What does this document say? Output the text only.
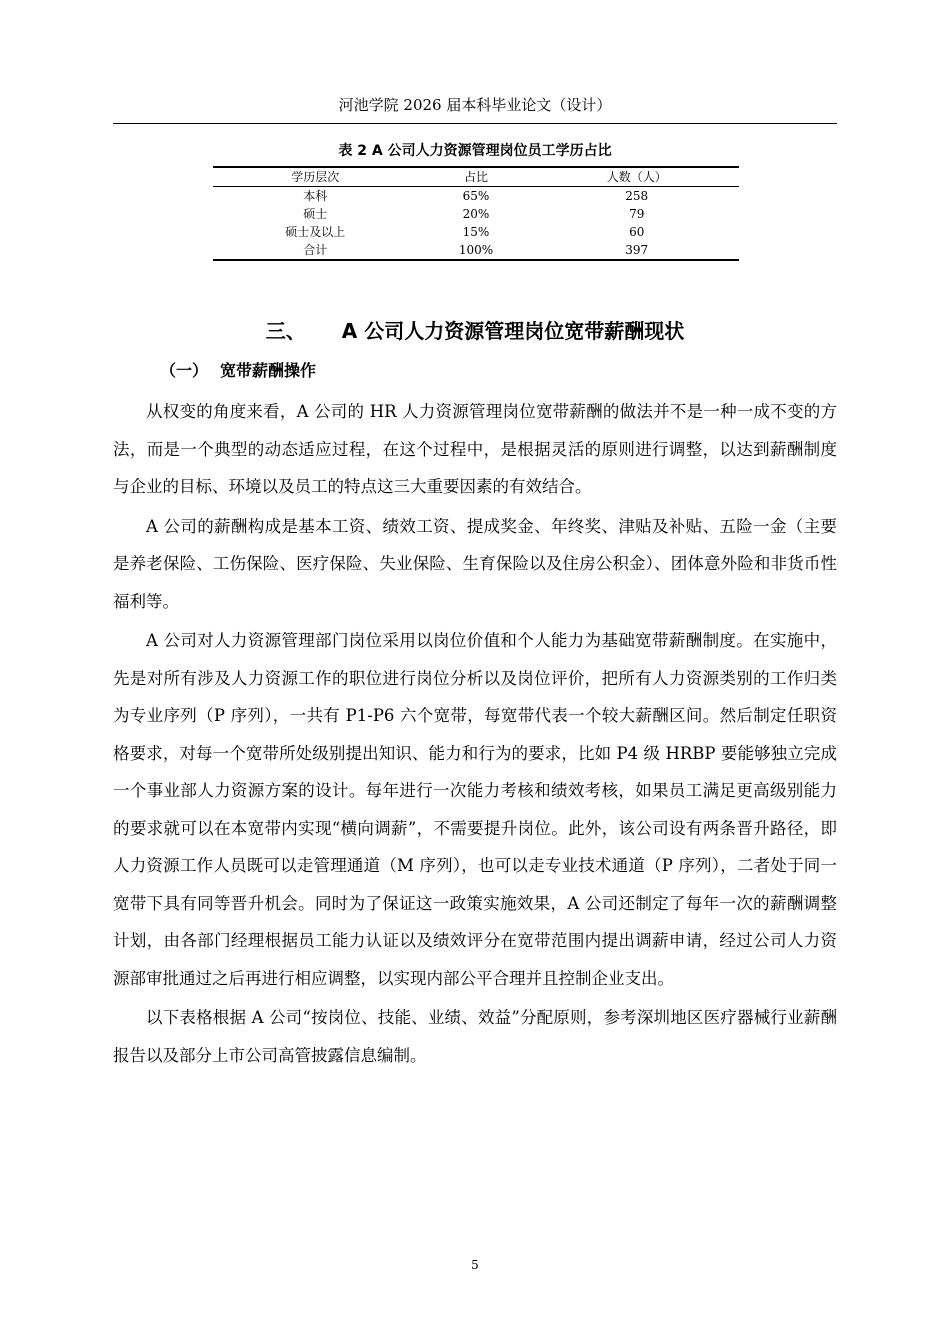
河池学院 2026 届本科毕业论文（设计）
表 2 A 公司人力资源管理岗位员工学历占比
学历层次	占比	人数（人）
本科	65%	258
硕士	20%	79
硕士及以上	15%	60
合计	100%	397
三、 A 公司人力资源管理岗位宽带薪酬现状
（一） 宽带薪酬操作

从权变的角度来看，A 公司的 HR 人力资源管理岗位宽带薪酬的做法并不是一种一成不变的方法，而是一个典型的动态适应过程，在这个过程中，是根据灵活的原则进行调整，以达到薪酬制度与企业的目标、环境以及员工的特点这三大重要因素的有效结合。

A 公司的薪酬构成是基本工资、绩效工资、提成奖金、年终奖、津贴及补贴、五险一金（主要是养老保险、工伤保险、医疗保险、失业保险、生育保险以及住房公积金）、团体意外险和非货币性福利等。

A 公司对人力资源管理部门岗位采用以岗位价值和个人能力为基础宽带薪酬制度。在实施中，先是对所有涉及人力资源工作的职位进行岗位分析以及岗位评价，把所有人力资源类别的工作归类为专业序列（P 序列），一共有 P1-P6 六个宽带，每宽带代表一个较大薪酬区间。然后制定任职资格要求，对每一个宽带所处级别提出知识、能力和行为的要求，比如 P4 级 HRBP 要能够独立完成一个事业部人力资源方案的设计。每年进行一次能力考核和绩效考核，如果员工满足更高级别能力的要求就可以在本宽带内实现“横向调薪”，不需要提升岗位。此外，该公司设有两条晋升路径，即人力资源工作人员既可以走管理通道（M 序列），也可以走专业技术通道（P 序列），二者处于同一宽带下具有同等晋升机会。同时为了保证这一政策实施效果，A 公司还制定了每年一次的薪酬调整计划，由各部门经理根据员工能力认证以及绩效评分在宽带范围内提出调薪申请，经过公司人力资源部审批通过之后再进行相应调整，以实现内部公平合理并且控制企业支出。

以下表格根据 A 公司“按岗位、技能、业绩、效益”分配原则，参考深圳地区医疗器械行业薪酬报告以及部分上市公司高管披露信息编制。

5
